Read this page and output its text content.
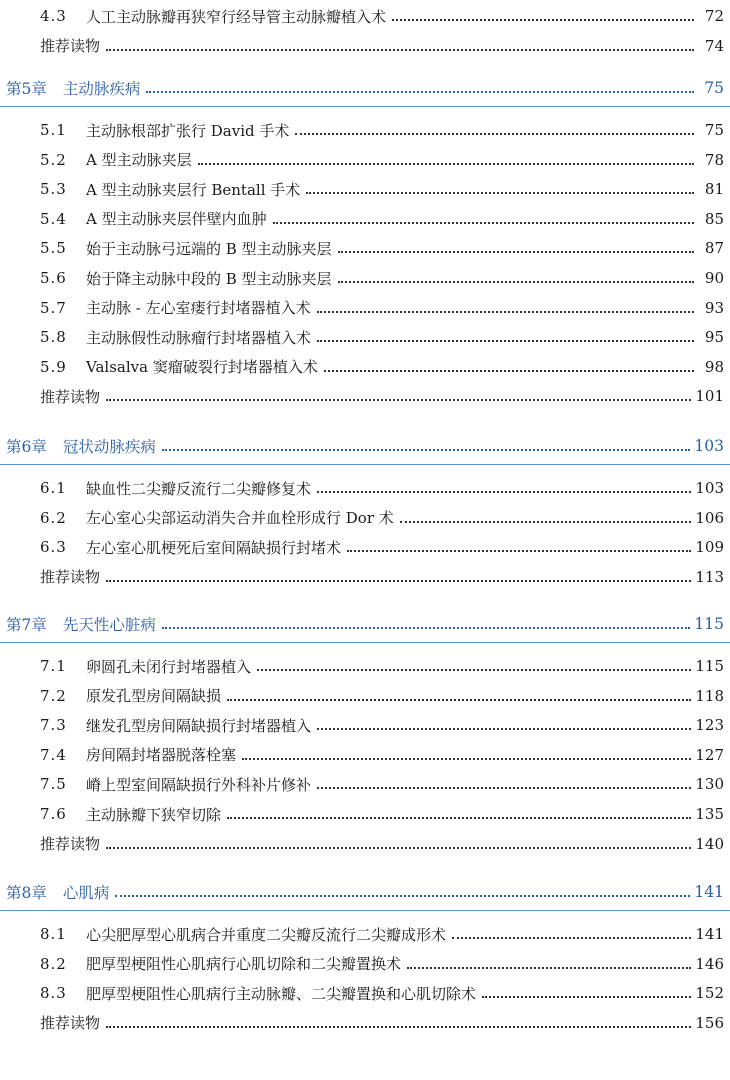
4.3	人工主动脉瓣再狭窄行经导管主动脉瓣植入术	72
推荐读物	74
第5章 主动脉疾病	75
5.1	主动脉根部扩张行 David 手术	75
5.2	A 型主动脉夹层	78
5.3	A 型主动脉夹层行 Bentall 手术	81
5.4	A 型主动脉夹层伴壁内血肿	85
5.5	始于主动脉弓远端的 B 型主动脉夹层	87
5.6	始于降主动脉中段的 B 型主动脉夹层	90
5.7	主动脉 - 左心室瘘行封堵器植入术	93
5.8	主动脉假性动脉瘤行封堵器植入术	95
5.9	Valsalva 窦瘤破裂行封堵器植入术	98
推荐读物	101
第6章 冠状动脉疾病	103
6.1	缺血性二尖瓣反流行二尖瓣修复术	103
6.2	左心室心尖部运动消失合并血栓形成行 Dor 术	106
6.3	左心室心肌梗死后室间隔缺损行封堵术	109
推荐读物	113
第7章 先天性心脏病	115
7.1	卵圆孔未闭行封堵器植入	115
7.2	原发孔型房间隔缺损	118
7.3	继发孔型房间隔缺损行封堵器植入	123
7.4	房间隔封堵器脱落栓塞	127
7.5	嵴上型室间隔缺损行外科补片修补	130
7.6	主动脉瓣下狭窄切除	135
推荐读物	140
第8章 心肌病	141
8.1	心尖肥厚型心肌病合并重度二尖瓣反流行二尖瓣成形术	141
8.2	肥厚型梗阻性心肌病行心肌切除和二尖瓣置换术	146
8.3	肥厚型梗阻性心肌病行主动脉瓣、二尖瓣置换和心肌切除术	152
推荐读物	156
